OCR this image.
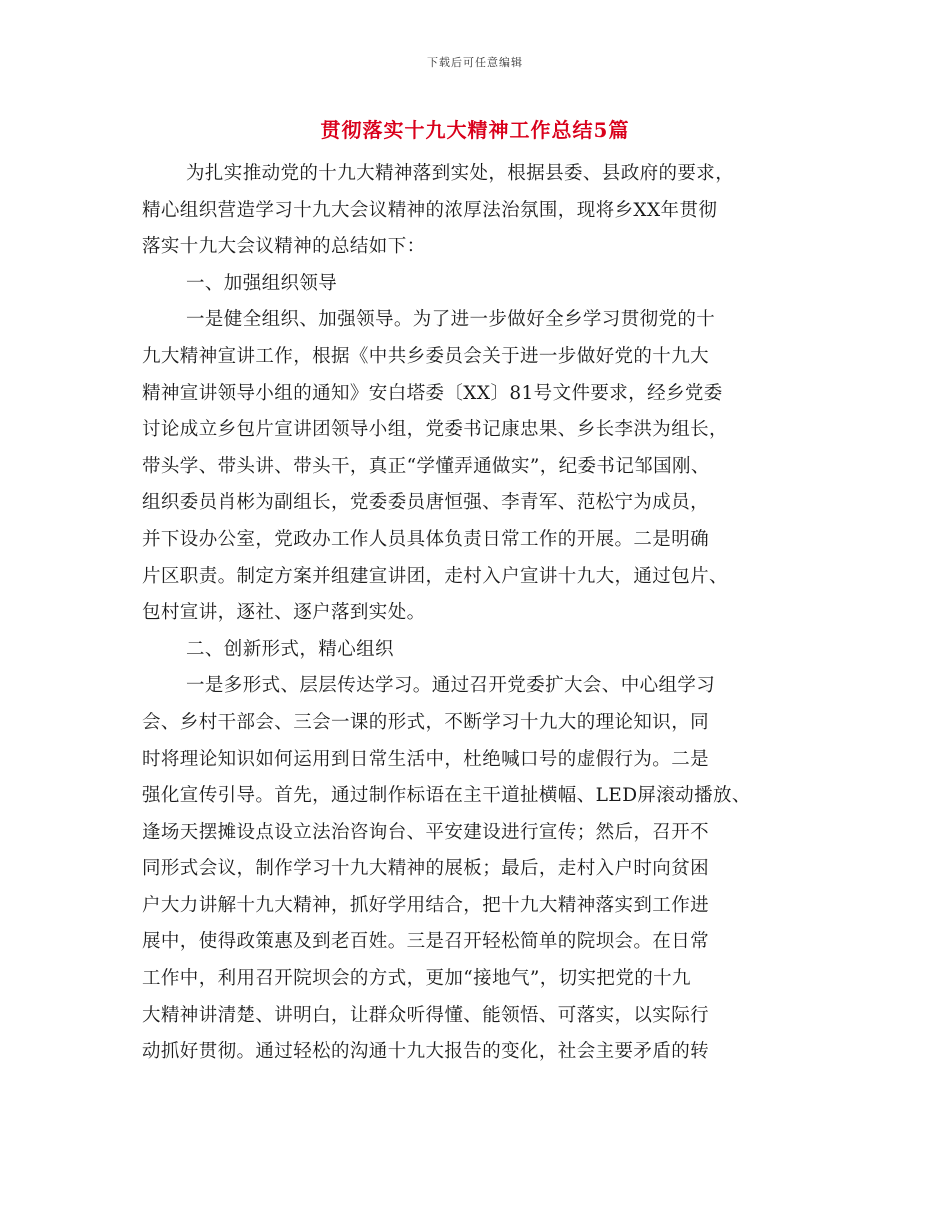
下载后可任意编辑
贯彻落实十九大精神工作总结5篇
为扎实推动党的十九大精神落到实处，根据县委、县政府的要求，
精心组织营造学习十九大会议精神的浓厚法治氛围，现将乡XX年贯彻
落实十九大会议精神的总结如下：
一、加强组织领导
一是健全组织、加强领导。为了进一步做好全乡学习贯彻党的十
九大精神宣讲工作，根据《中共乡委员会关于进一步做好党的十九大
精神宣讲领导小组的通知》安白塔委〔XX〕81号文件要求，经乡党委
讨论成立乡包片宣讲团领导小组，党委书记康忠果、乡长李洪为组长，
带头学、带头讲、带头干，真正“学懂弄通做实”，纪委书记邹国刚、
组织委员肖彬为副组长，党委委员唐恒强、李青军、范松宁为成员，
并下设办公室，党政办工作人员具体负责日常工作的开展。二是明确
片区职责。制定方案并组建宣讲团，走村入户宣讲十九大，通过包片、
包村宣讲，逐社、逐户落到实处。
二、创新形式，精心组织
一是多形式、层层传达学习。通过召开党委扩大会、中心组学习
会、乡村干部会、三会一课的形式，不断学习十九大的理论知识，同
时将理论知识如何运用到日常生活中，杜绝喊口号的虚假行为。二是
强化宣传引导。首先，通过制作标语在主干道扯横幅、LED屏滚动播放、
逢场天摆摊设点设立法治咨询台、平安建设进行宣传；然后，召开不
同形式会议，制作学习十九大精神的展板；最后，走村入户时向贫困
户大力讲解十九大精神，抓好学用结合，把十九大精神落实到工作进
展中，使得政策惠及到老百姓。三是召开轻松简单的院坝会。在日常
工作中，利用召开院坝会的方式，更加“接地气”，切实把党的十九
大精神讲清楚、讲明白，让群众听得懂、能领悟、可落实，以实际行
动抓好贯彻。通过轻松的沟通十九大报告的变化，社会主要矛盾的转
